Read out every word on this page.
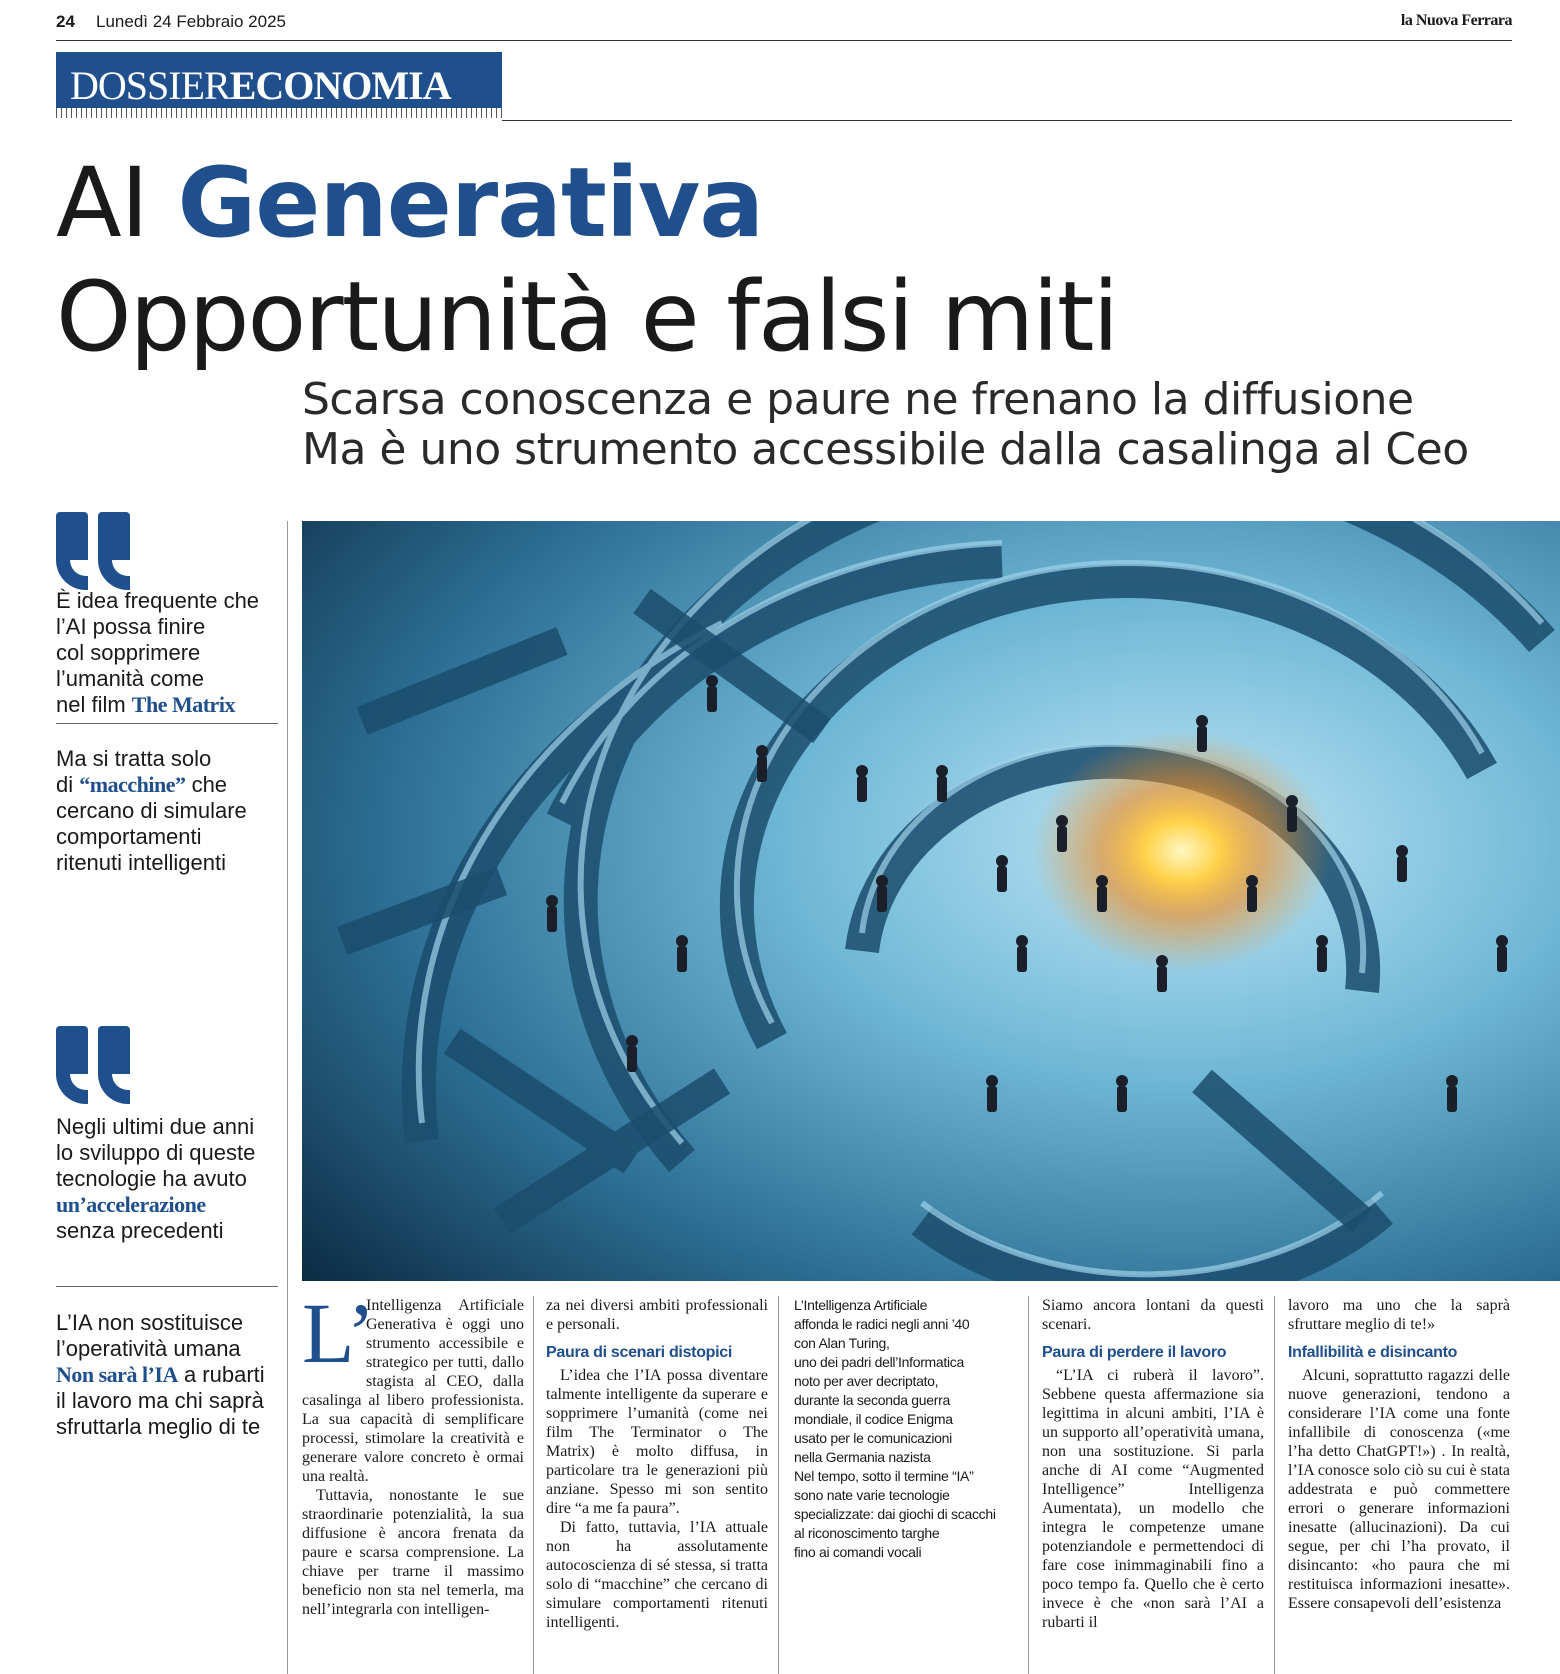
24 Lunedì 24 Febbraio 2025	la Nuova Ferrara
DOSSIER ECONOMIA
AI Generativa
Opportunità e falsi miti
Scarsa conoscenza e paure ne frenano la diffusione
Ma è uno strumento accessibile dalla casalinga al Ceo
È idea frequente che
l’AI possa finire
col sopprimere
l’umanità come
nel film The Matrix
Ma si tratta solo
di “macchine” che
cercano di simulare
comportamenti
ritenuti intelligenti
Negli ultimi due anni
lo sviluppo di queste
tecnologie ha avuto
un’accelerazione
senza precedenti
L’IA non sostituisce
l’operatività umana
Non sarà l’IA a rubarti
il lavoro ma chi saprà
sfruttarla meglio di te

L’
Intelligenza Artificiale Generativa è oggi uno strumento accessibile e strategico per tutti, dallo stagista al CEO, dalla casalinga al libero professionista. La sua capacità di semplificare processi, stimolare la creatività e generare valore concreto è ormai una realtà.

Tuttavia, nonostante le sue straordinarie potenzialità, la sua diffusione è ancora frenata da paure e scarsa comprensione. La chiave per trarne il massimo beneficio non sta nel temerla, ma nell’integrarla con intelligen-

za nei diversi ambiti professionali e personali.

Paura di scenari distopici

L’idea che l’IA possa diventare talmente intelligente da superare e sopprimere l’umanità (come nei film The Terminator o The Matrix) è molto diffusa, in particolare tra le generazioni più anziane. Spesso mi son sentito dire “a me fa paura”.

Di fatto, tuttavia, l’IA attuale non ha assolutamente autocoscienza di sé stessa, si tratta solo di “macchine” che cercano di simulare comportamenti ritenuti intelligenti.

L’Intelligenza Artificiale

affonda le radici negli anni ’40

con Alan Turing,

uno dei padri dell’Informatica

noto per aver decriptato,

durante la seconda guerra

mondiale, il codice Enigma

usato per le comunicazioni

nella Germania nazista

Nel tempo, sotto il termine “IA”

sono nate varie tecnologie

specializzate: dai giochi di scacchi

al riconoscimento targhe

fino ai comandi vocali

Siamo ancora lontani da questi scenari.

Paura di perdere il lavoro

“L’IA ci ruberà il lavoro”. Sebbene questa affermazione sia legittima in alcuni ambiti, l’IA è un supporto all’operatività umana, non una sostituzione. Si parla anche di AI come “Augmented Intelligence” Intelligenza Aumentata), un modello che integra le competenze umane potenziandole e permettendoci di fare cose inimmaginabili fino a poco tempo fa. Quello che è certo invece è che «non sarà l’AI a rubarti il

lavoro ma uno che la saprà sfruttare meglio di te!»

Infallibilità e disincanto

Alcuni, soprattutto ragazzi delle nuove generazioni, tendono a considerare l’IA come una fonte infallibile di conoscenza («me l’ha detto ChatGPT!») . In realtà, l’IA conosce solo ciò su cui è stata addestrata e può commettere errori o generare informazioni inesatte (allucinazioni). Da cui segue, per chi l’ha provato, il disincanto: «ho paura che mi restituisca informazioni inesatte». Essere consapevoli dell’esistenza
